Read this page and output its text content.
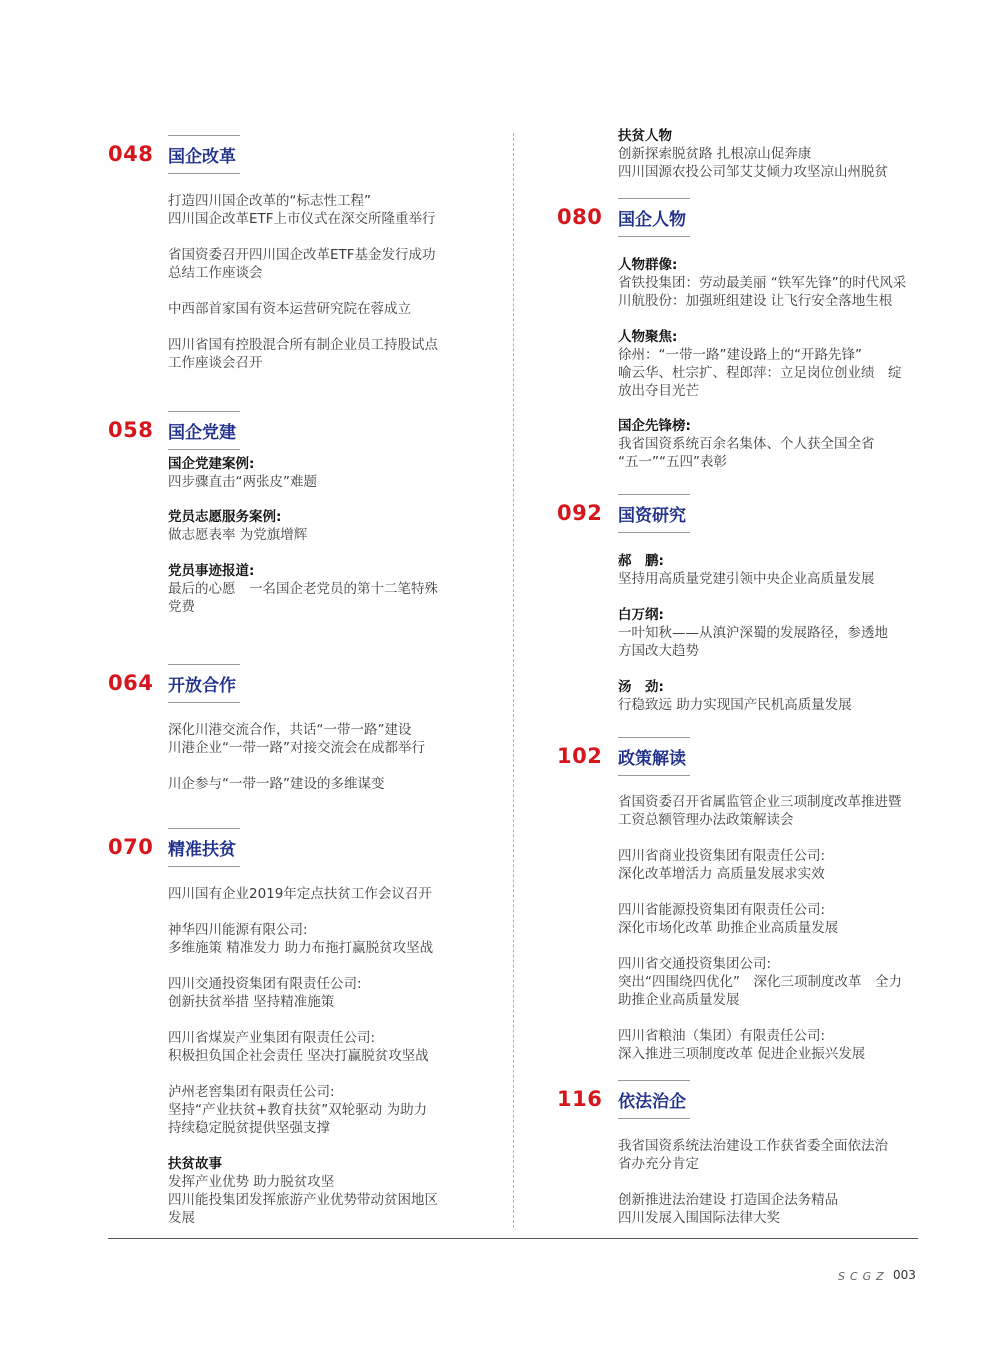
048 国企改革
打造四川国企改革的“标志性工程”
四川国企改革ETF上市仪式在深交所隆重举行
省国资委召开四川国企改革ETF基金发行成功
总结工作座谈会
中西部首家国有资本运营研究院在蓉成立
四川省国有控股混合所有制企业员工持股试点
工作座谈会召开
058 国企党建
国企党建案例:
四步骤直击“两张皮”难题
党员志愿服务案例:
做志愿表率 为党旗增辉
党员事迹报道:
最后的心愿　一名国企老党员的第十二笔特殊
党费
064 开放合作
深化川港交流合作，共话“一带一路”建设
川港企业“一带一路”对接交流会在成都举行
川企参与“一带一路”建设的多维谋变
070 精准扶贫
四川国有企业2019年定点扶贫工作会议召开
神华四川能源有限公司:
多维施策 精准发力 助力布拖打赢脱贫攻坚战
四川交通投资集团有限责任公司:
创新扶贫举措 坚持精准施策
四川省煤炭产业集团有限责任公司:
积极担负国企社会责任 坚决打赢脱贫攻坚战
泸州老窖集团有限责任公司:
坚持“产业扶贫+教育扶贫”双轮驱动 为助力
持续稳定脱贫提供坚强支撑
扶贫故事
发挥产业优势 助力脱贫攻坚
四川能投集团发挥旅游产业优势带动贫困地区
发展
扶贫人物
创新探索脱贫路 扎根凉山促奔康
四川国源农投公司邹艾艾倾力攻坚凉山州脱贫
080 国企人物
人物群像:
省铁投集团：劳动最美丽 “铁军先锋”的时代风采
川航股份：加强班组建设 让飞行安全落地生根
人物聚焦:
徐州：“一带一路”建设路上的“开路先锋”
喻云华、杜宗扩、程郎萍：立足岗位创业绩　绽
放出夺目光芒
国企先锋榜:
我省国资系统百余名集体、个人获全国全省
“五一”“五四”表彰
092 国资研究
郝　鹏:
坚持用高质量党建引领中央企业高质量发展
白万纲:
一叶知秋——从滇沪深蜀的发展路径，参透地
方国改大趋势
汤　劲:
行稳致远 助力实现国产民机高质量发展
102 政策解读
省国资委召开省属监管企业三项制度改革推进暨
工资总额管理办法政策解读会
四川省商业投资集团有限责任公司:
深化改革增活力 高质量发展求实效
四川省能源投资集团有限责任公司:
深化市场化改革 助推企业高质量发展
四川省交通投资集团公司:
突出“四围绕四优化”　深化三项制度改革　全力
助推企业高质量发展
四川省粮油（集团）有限责任公司:
深入推进三项制度改革 促进企业振兴发展
116 依法治企
我省国资系统法治建设工作获省委全面依法治
省办充分肯定
创新推进法治建设 打造国企法务精品
四川发展入围国际法律大奖
SCGZ 003
